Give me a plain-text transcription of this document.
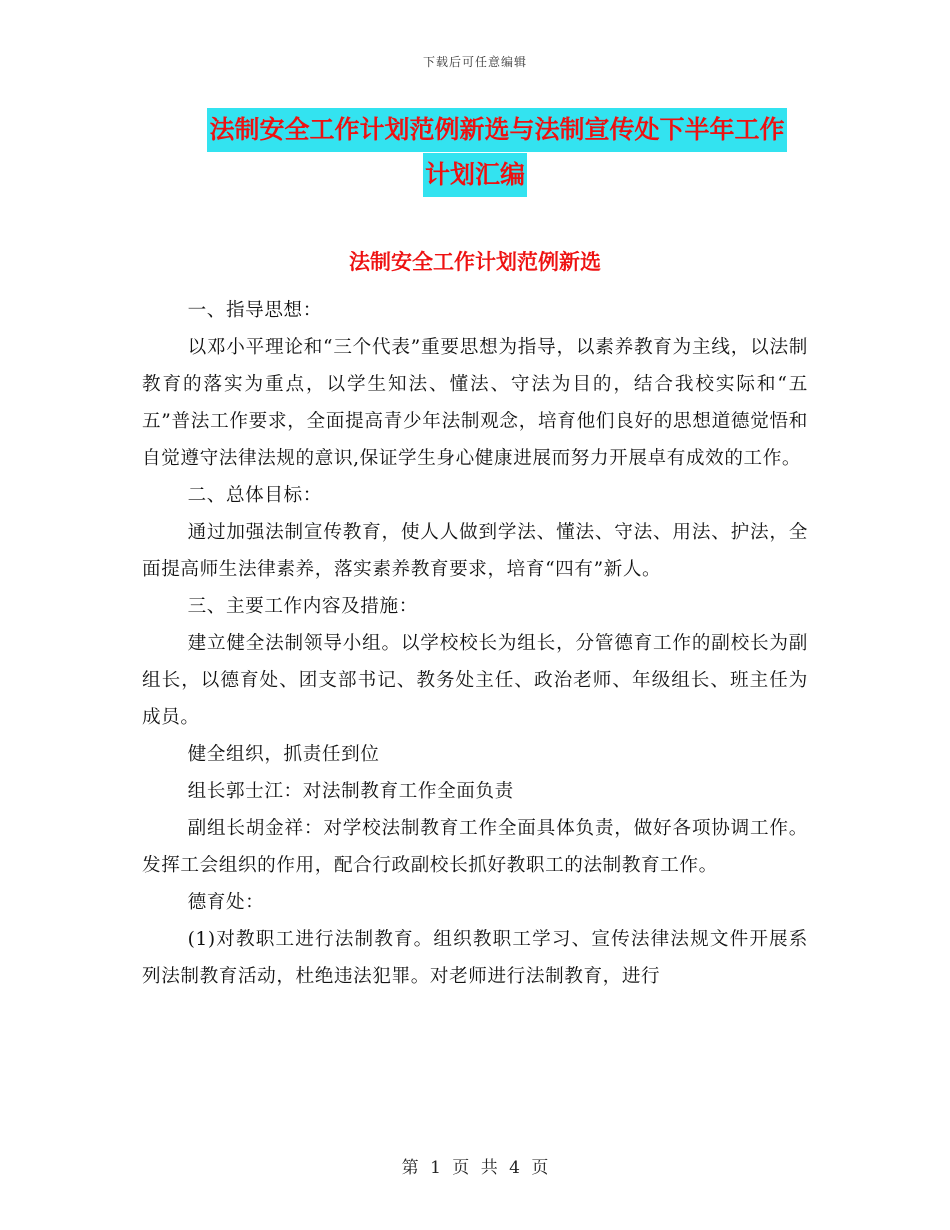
下载后可任意编辑
法制安全工作计划范例新选与法制宣传处下半年工作
计划汇编
法制安全工作计划范例新选

一、指导思想：

以邓小平理论和“三个代表”重要思想为指导，以素养教育为主线，以法制教育的落实为重点，以学生知法、懂法、守法为目的，结合我校实际和“五五”普法工作要求，全面提高青少年法制观念，培育他们良好的思想道德觉悟和自觉遵守法律法规的意识,保证学生身心健康进展而努力开展卓有成效的工作。

二、总体目标：

通过加强法制宣传教育，使人人做到学法、懂法、守法、用法、护法，全面提高师生法律素养，落实素养教育要求，培育“四有”新人。

三、主要工作内容及措施：

建立健全法制领导小组。以学校校长为组长，分管德育工作的副校长为副组长，以德育处、团支部书记、教务处主任、政治老师、年级组长、班主任为成员。

健全组织，抓责任到位

组长郭士江：对法制教育工作全面负责

副组长胡金祥：对学校法制教育工作全面具体负责，做好各项协调工作。发挥工会组织的作用，配合行政副校长抓好教职工的法制教育工作。

德育处：

(1)对教职工进行法制教育。组织教职工学习、宣传法律法规文件开展系列法制教育活动，杜绝违法犯罪。对老师进行法制教育，进行

第 1 页 共 4 页
